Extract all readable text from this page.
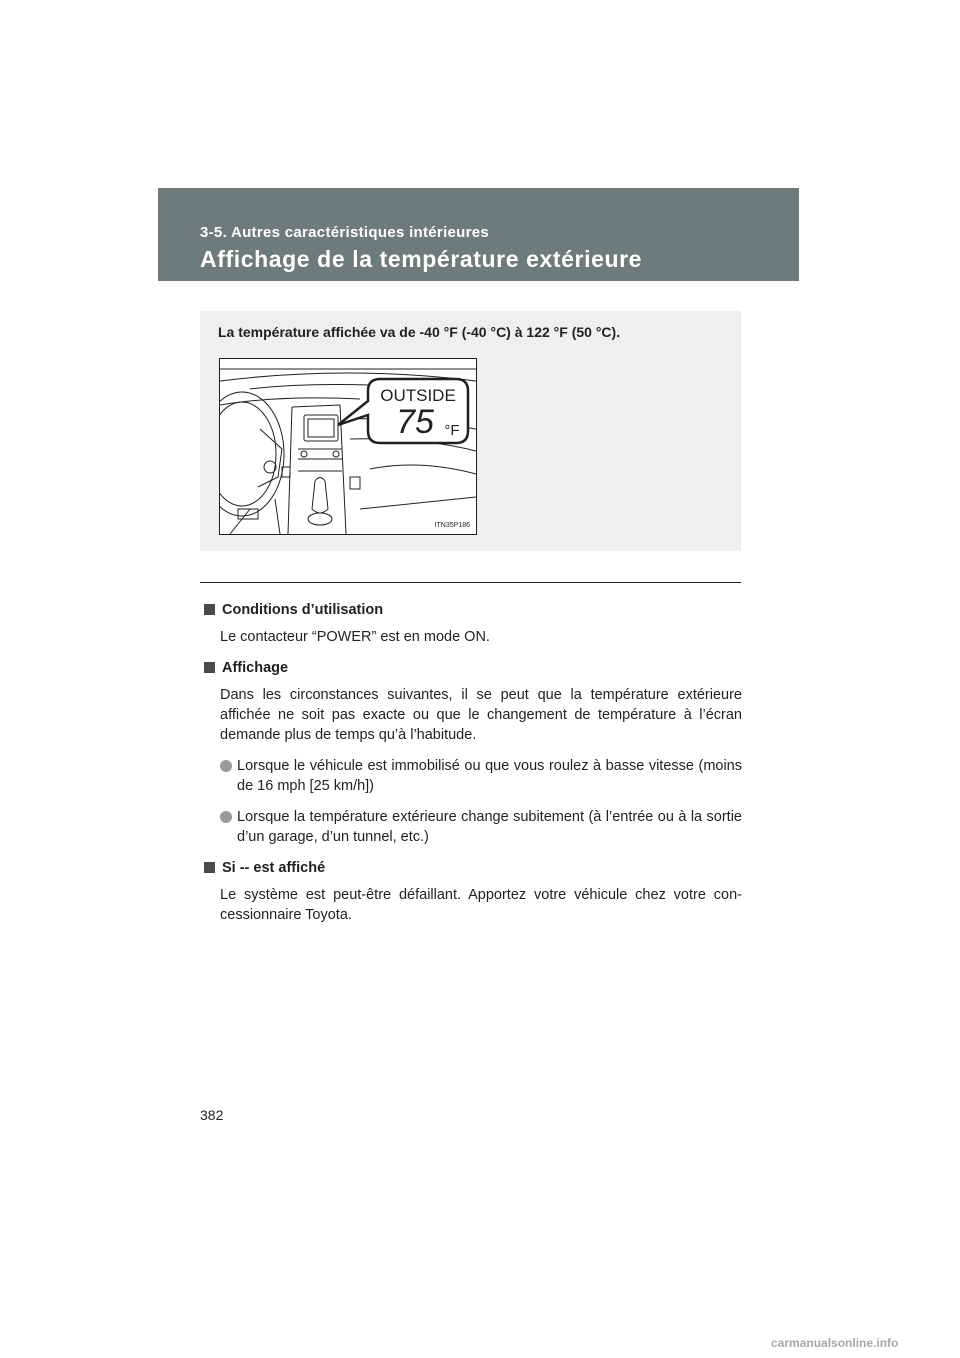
3-5. Autres caractéristiques intérieures
Affichage de la température extérieure
La température affichée va de -40 °F (-40 °C) à 122 °F (50 °C).
OUTSIDE
75 °F
ITN35P186

Conditions d’utilisation

Le contacteur “POWER” est en mode ON.

Affichage

Dans les circonstances suivantes, il se peut que la température extérieure affichée ne soit pas exacte ou que le changement de température à l’écran demande plus de temps qu’à l’habitude.

Lorsque le véhicule est immobilisé ou que vous roulez à basse vitesse (moins de 16 mph [25 km/h])

Lorsque la température extérieure change subitement (à l’entrée ou à la sortie d’un garage, d’un tunnel, etc.)

Si -- est affiché

Le système est peut-être défaillant. Apportez votre véhicule chez votre con- cessionnaire Toyota.

382
carmanualsonline.info
